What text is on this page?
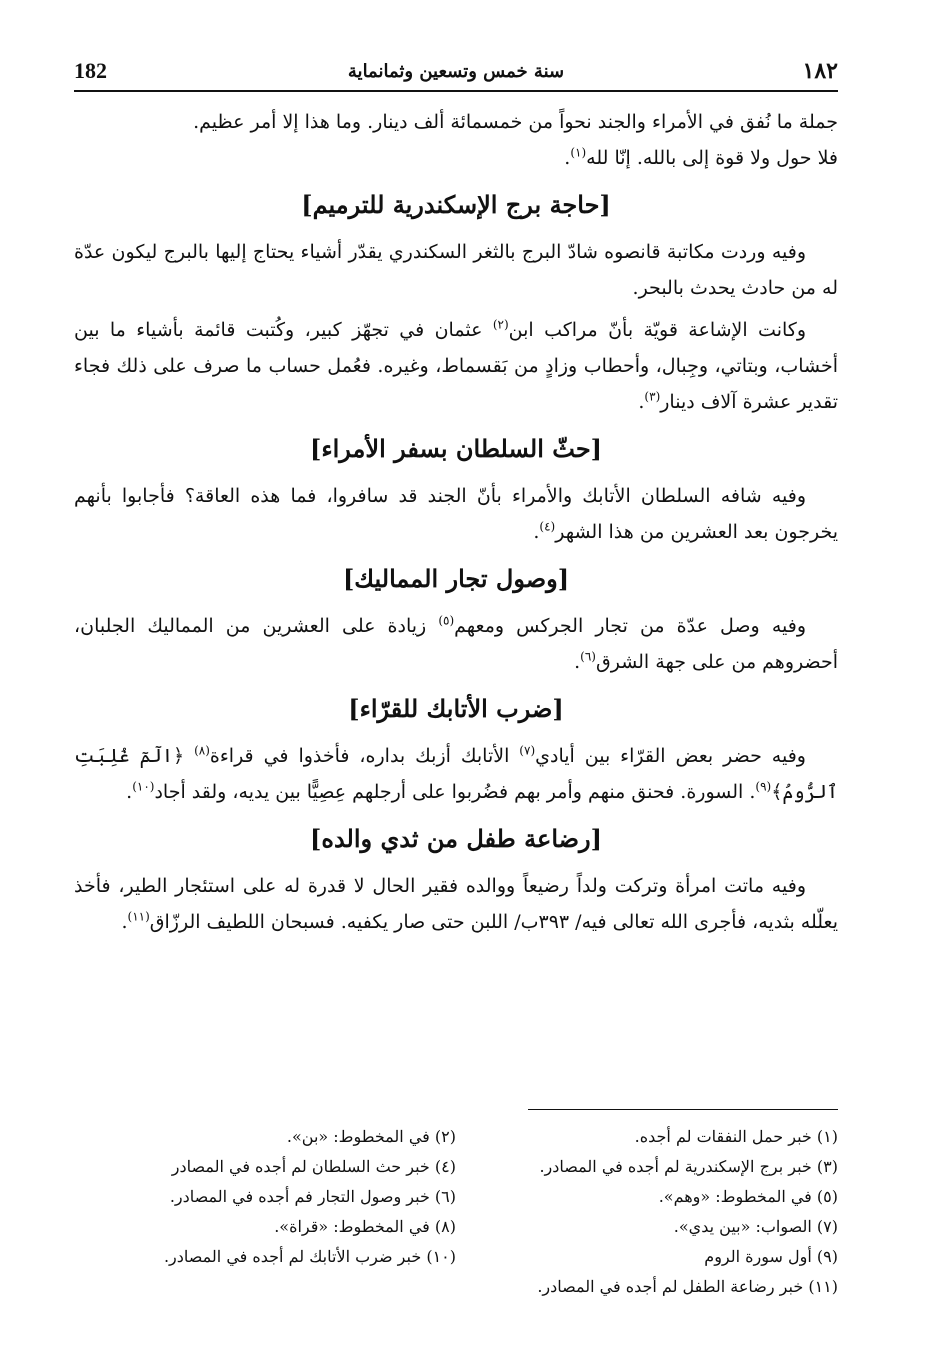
182	سنة خمس وتسعين وثمانماية	١٨٢

جملة ما نُفق في الأمراء والجند نحواً من خمسمائة ألف دينار. وما هذا إلا أمر عظيم.
فلا حول ولا قوة إلى بالله. إنّا لله$^{(١)}$.

[حاجة برج الإسكندرية للترميم]

وفيه وردت مكاتبة قانصوه شادّ البرج بالثغر السكندري يقدّر أشياء يحتاج إليها بالبرج ليكون عدّة له من حادث يحدث بالبحر.

وكانت الإشاعة قويّة بأنّ مراكب ابن$^{(٢)}$ عثمان في تجهّز كبير، وكُتبت قائمة بأشياء ما بين أخشاب، وبتاتي، وجِبال، وأحطاب وزادٍ من بَقسماط، وغيره. فعُمل حساب ما صرف على ذلك فجاء تقدير عشرة آلاف دينار$^{(٣)}$.

[حثّ السلطان بسفر الأمراء]

وفيه شافه السلطان الأتابك والأمراء بأنّ الجند قد سافروا، فما هذه العاقة؟ فأجابوا بأنهم يخرجون بعد العشرين من هذا الشهر$^{(٤)}$.

[وصول تجار المماليك]

وفيه وصل عدّة من تجار الجركس ومعهم$^{(٥)}$ زيادة على العشرين من المماليك الجلبان، أحضروهم من على جهة الشرق$^{(٦)}$.

[ضرب الأتابك للقرّاء]

وفيه حضر بعض القرّاء بين أيادي$^{(٧)}$ الأتابك أزبك بداره، فأخذوا في قراءة$^{(٨)}$ ﴿الٓمٓ غُلِبَتِ ٱلرُّومُ﴾$^{(٩)}$. السورة. فحنق منهم وأمر بهم فضُربوا على أرجلهم عِصِيًّا بين يديه، ولقد أجاد$^{(١٠)}$.

[رضاعة طفل من ثدي والده]

وفيه ماتت امرأة وتركت ولداً رضيعاً ووالده فقير الحال لا قدرة له على استئجار الطير، فأخذ يعلّله بثديه، فأجرى الله تعالى فيه/ ٣٩٣ب/ اللبن حتى صار يكفيه. فسبحان اللطيف الرزّاق$^{(١١)}$.

(١) خبر حمل النفقات لم أجده.
(٢) في المخطوط: «بن».
(٣) خبر برج الإسكندرية لم أجده في المصادر.
(٤) خبر حث السلطان لم أجده في المصادر
(٥) في المخطوط: «وهم».
(٦) خبر وصول التجار فم أجده في المصادر.
(٧) الصواب: «بين يدي».
(٨) في المخطوط: «قراة».
(٩) أول سورة الروم
(١٠) خبر ضرب الأتابك لم أجده في المصادر.
(١١) خبر رضاعة الطفل لم أجده في المصادر.
